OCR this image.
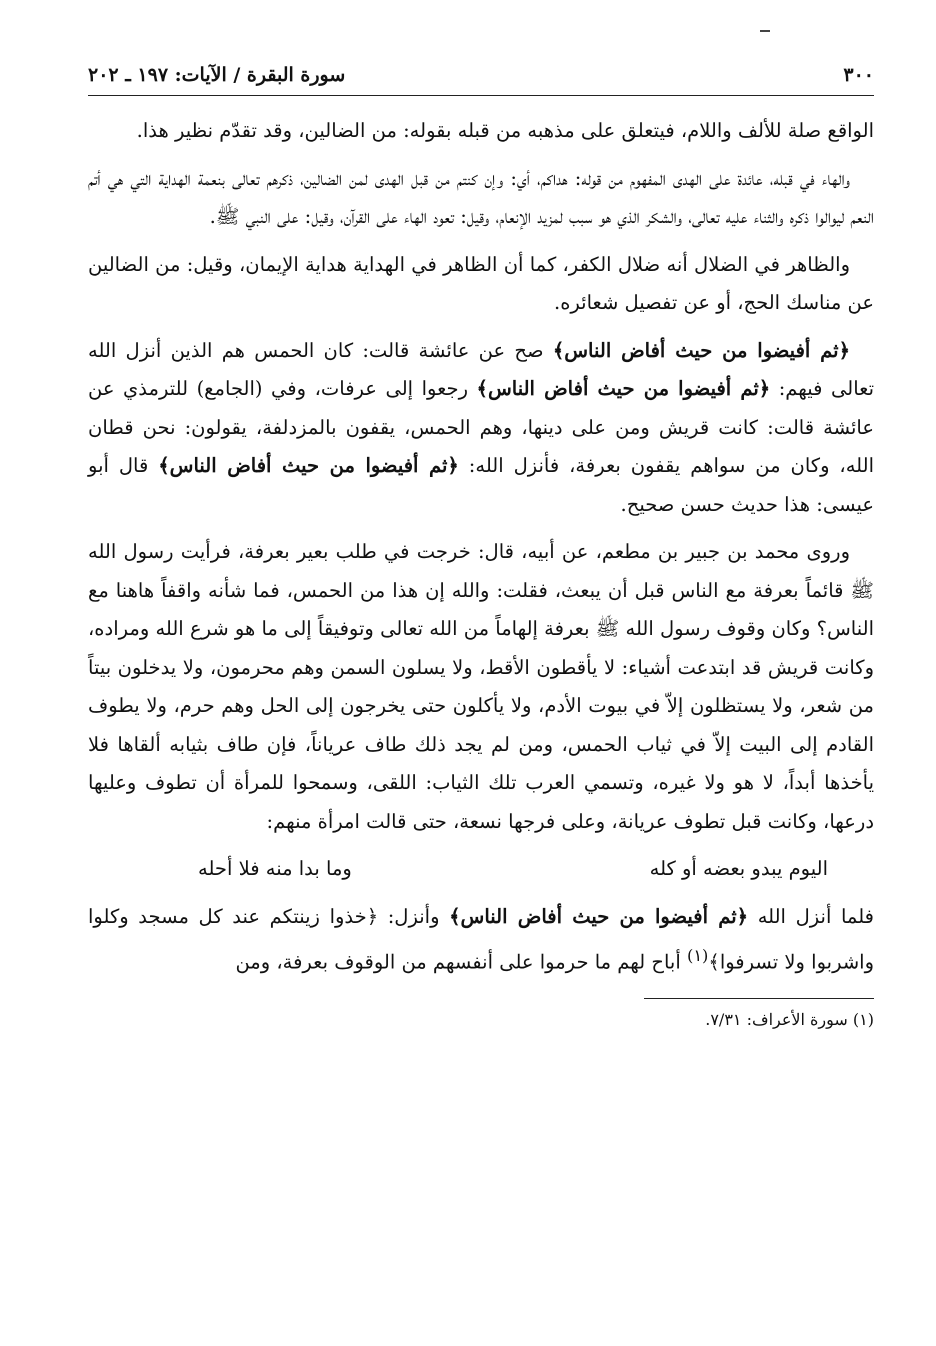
٣٠٠
سورة البقرة / الآيات: ١٩٧ ـ ٢٠٢

الواقع صلة للألف واللام، فيتعلق على مذهبه من قبله بقوله: من الضالين، وقد تقدّم نظير هذا.

والهاء في قبله، عائدة على الهدى المفهوم من قوله: هداكم، أي: وإن كنتم من قبل الهدى لمن الضالين، ذكرهم تعالى بنعمة الهداية التي هي أتم النعم ليوالوا ذكره والثناء عليه تعالى، والشكر الذي هو سبب لمزيد الإنعام، وقيل: تعود الهاء على القرآن، وقيل: على النبي ﷺ.

والظاهر في الضلال أنه ضلال الكفر، كما أن الظاهر في الهداية هداية الإيمان، وقيل: من الضالين عن مناسك الحج، أو عن تفصيل شعائره.

﴿ثم أفيضوا من حيث أفاض الناس﴾ صح عن عائشة قالت: كان الحمس هم الذين أنزل الله تعالى فيهم: ﴿ثم أفيضوا من حيث أفاض الناس﴾ رجعوا إلى عرفات، وفي (الجامع) للترمذي عن عائشة قالت: كانت قريش ومن على دينها، وهم الحمس، يقفون بالمزدلفة، يقولون: نحن قطان الله، وكان من سواهم يقفون بعرفة، فأنزل الله: ﴿ثم أفيضوا من حيث أفاض الناس﴾ قال أبو عيسى: هذا حديث حسن صحيح.

وروى محمد بن جبير بن مطعم، عن أبيه، قال: خرجت في طلب بعير بعرفة، فرأيت رسول الله ﷺ قائماً بعرفة مع الناس قبل أن يبعث، فقلت: والله إن هذا من الحمس، فما شأنه واقفاً هاهنا مع الناس؟ وكان وقوف رسول الله ﷺ بعرفة إلهاماً من الله تعالى وتوفيقاً إلى ما هو شرع الله ومراده، وكانت قريش قد ابتدعت أشياء: لا يأقطون الأقط، ولا يسلون السمن وهم محرمون، ولا يدخلون بيتاً من شعر، ولا يستظلون إلاّ في بيوت الأدم، ولا يأكلون حتى يخرجون إلى الحل وهم حرم، ولا يطوف القادم إلى البيت إلاّ في ثياب الحمس، ومن لم يجد ذلك طاف عرياناً، فإن طاف بثيابه ألقاها فلا يأخذها أبداً، لا هو ولا غيره، وتسمي العرب تلك الثياب: اللقى، وسمحوا للمرأة أن تطوف وعليها درعها، وكانت قبل تطوف عريانة، وعلى فرجها نسعة، حتى قالت امرأة منهم:

اليوم يبدو بعضه أو كله
وما بدا منه فلا أحله

فلما أنزل الله ﴿ثم أفيضوا من حيث أفاض الناس﴾ وأنزل: ﴿خذوا زينتكم عند كل مسجد وكلوا واشربوا ولا تسرفوا﴾$^{(١)}$ أباح لهم ما حرموا على أنفسهم من الوقوف بعرفة، ومن

(١) سورة الأعراف: ٧/٣١.
